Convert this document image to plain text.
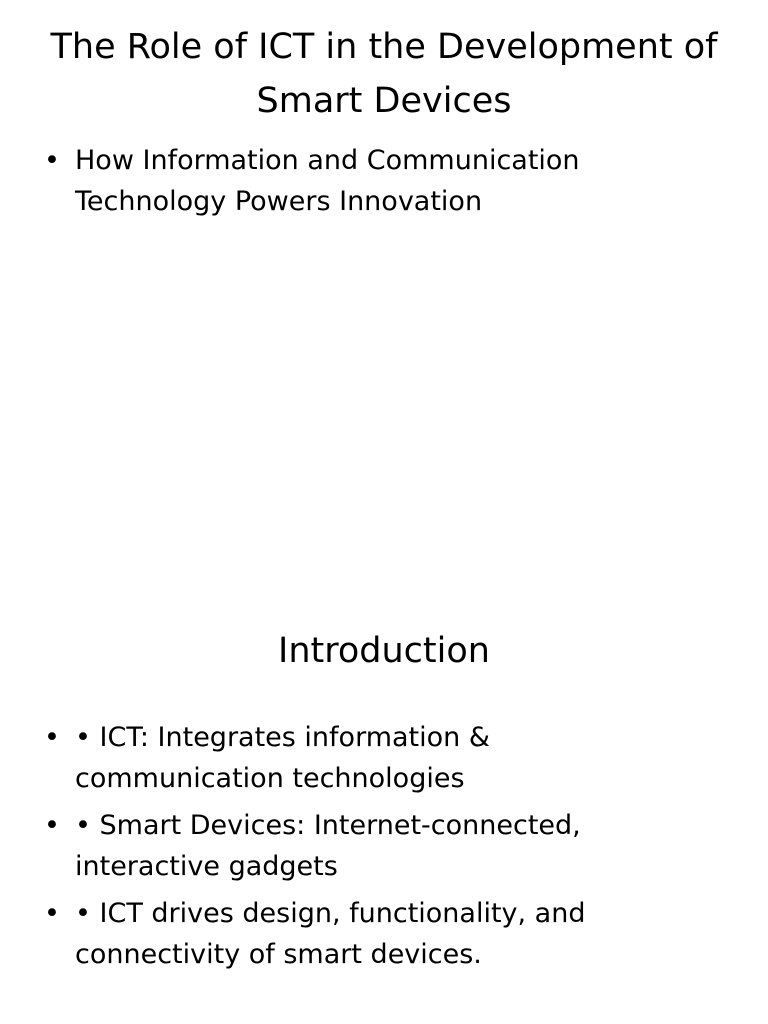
The Role of ICT in the Development of Smart Devices
• How Information and Communication Technology Powers Innovation
Introduction
• • ICT: Integrates information & communication technologies
• • Smart Devices: Internet-connected, interactive gadgets
• • ICT drives design, functionality, and connectivity of smart devices.
